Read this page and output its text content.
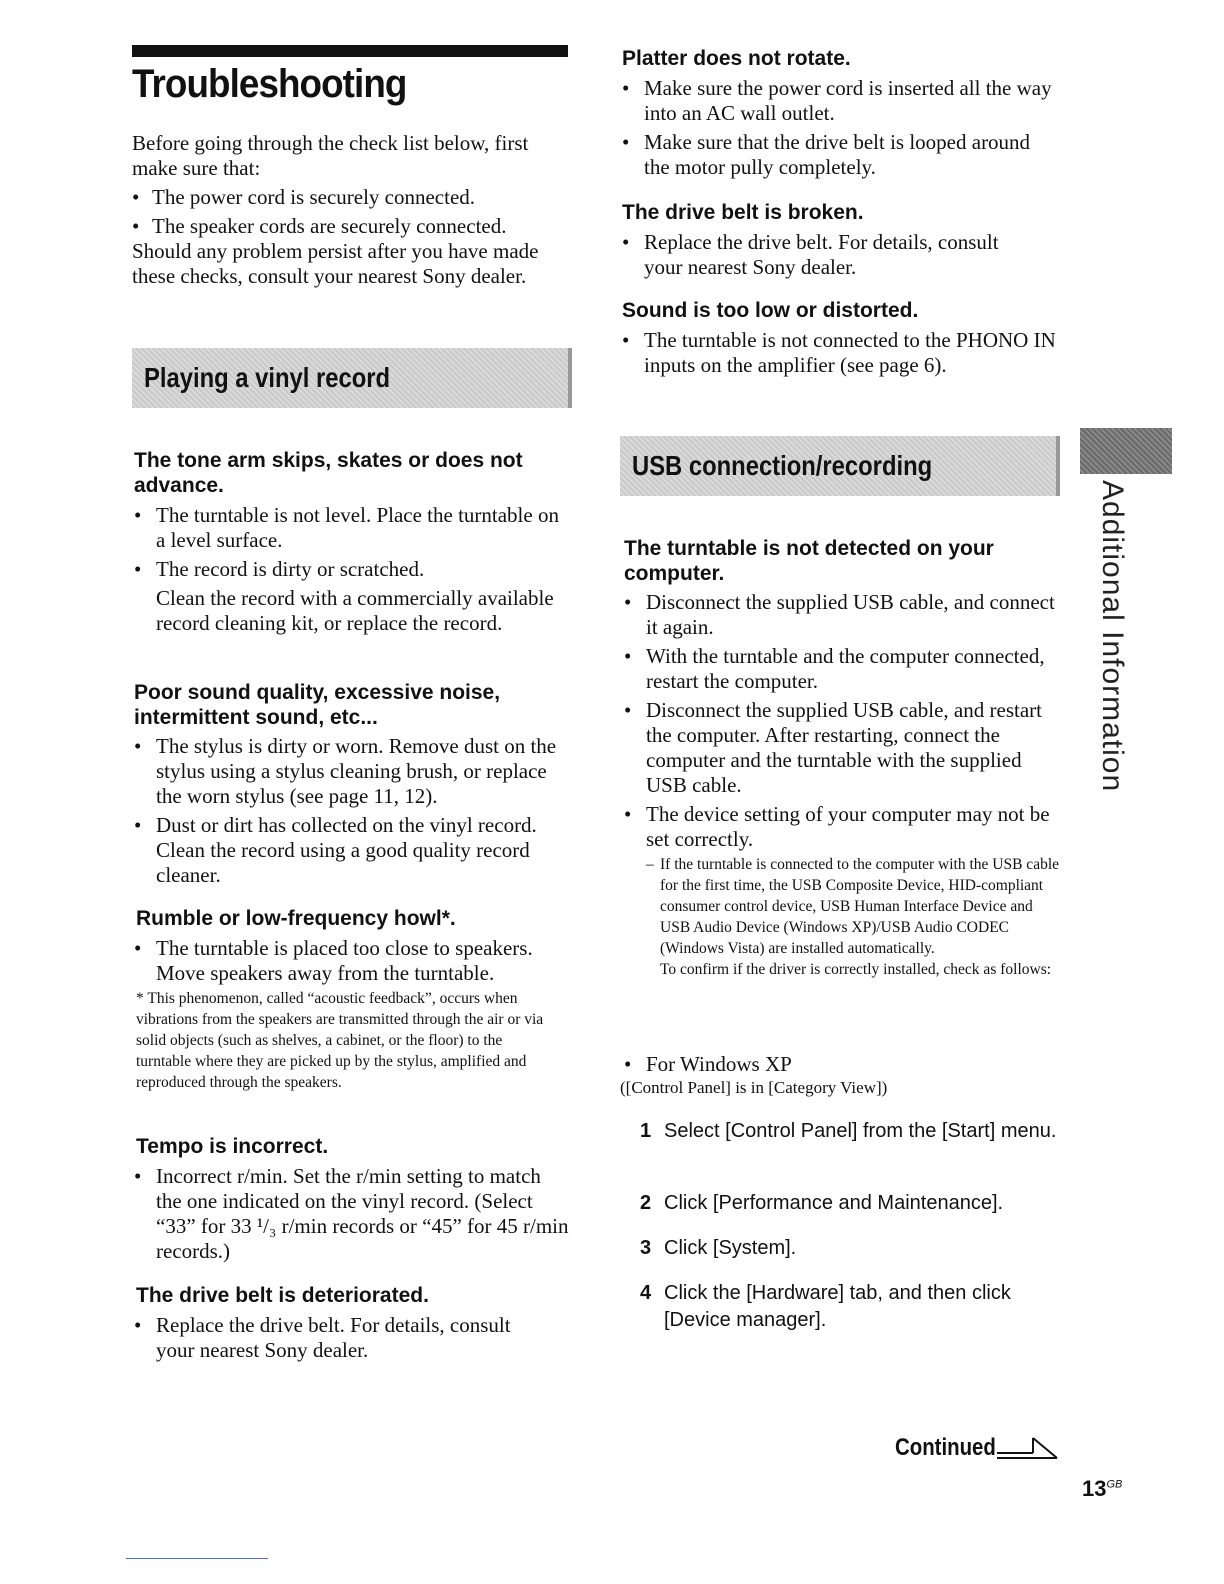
Troubleshooting

Before going through the check list below, first make sure that:

• The power cord is securely connected.

• The speaker cords are securely connected.

Should any problem persist after you have made these checks, consult your nearest Sony dealer.

Playing a vinyl record
The tone arm skips, skates or does not advance.

• The turntable is not level. Place the turntable on a level surface.

• The record is dirty or scratched.

Clean the record with a commercially available record cleaning kit, or replace the record.

Poor sound quality, excessive noise, intermittent sound, etc...

• The stylus is dirty or worn. Remove dust on the stylus using a stylus cleaning brush, or replace the worn stylus (see page 11, 12).

• Dust or dirt has collected on the vinyl record. Clean the record using a good quality record cleaner.

Rumble or low-frequency howl*.

• The turntable is placed too close to speakers. Move speakers away from the turntable.

* This phenomenon, called “acoustic feedback”, occurs when vibrations from the speakers are transmitted through the air or via solid objects (such as shelves, a cabinet, or the floor) to the turntable where they are picked up by the stylus, amplified and reproduced through the speakers.
Tempo is incorrect.

• Incorrect r/min. Set the r/min setting to match the one indicated on the vinyl record. (Select “33” for 33 ¹/₃ r/min records or “45” for 45 r/min records.)

The drive belt is deteriorated.

• Replace the drive belt. For details, consult your nearest Sony dealer.

Platter does not rotate.

• Make sure the power cord is inserted all the way into an AC wall outlet.

• Make sure that the drive belt is looped around the motor pully completely.

The drive belt is broken.

• Replace the drive belt. For details, consult your nearest Sony dealer.

Sound is too low or distorted.

• The turntable is not connected to the PHONO IN inputs on the amplifier (see page 6).

USB connection/recording
The turntable is not detected on your computer.

• Disconnect the supplied USB cable, and connect it again.

• With the turntable and the computer connected, restart the computer.

• Disconnect the supplied USB cable, and restart the computer. After restarting, connect the computer and the turntable with the supplied USB cable.

• The device setting of your computer may not be set correctly.

– If the turntable is connected to the computer with the USB cable for the first time, the USB Composite Device, HID-compliant consumer control device, USB Human Interface Device and USB Audio Device (Windows XP)/USB Audio CODEC (Windows Vista) are installed automatically.
To confirm if the driver is correctly installed, check as follows:

• For Windows XP

([Control Panel] is in [Category View])
1 Select [Control Panel] from the [Start] menu.
2 Click [Performance and Maintenance].
3 Click [System].
4 Click the [Hardware] tab, and then click [Device manager].
Additional Information
Continued
$13^{GB}$
